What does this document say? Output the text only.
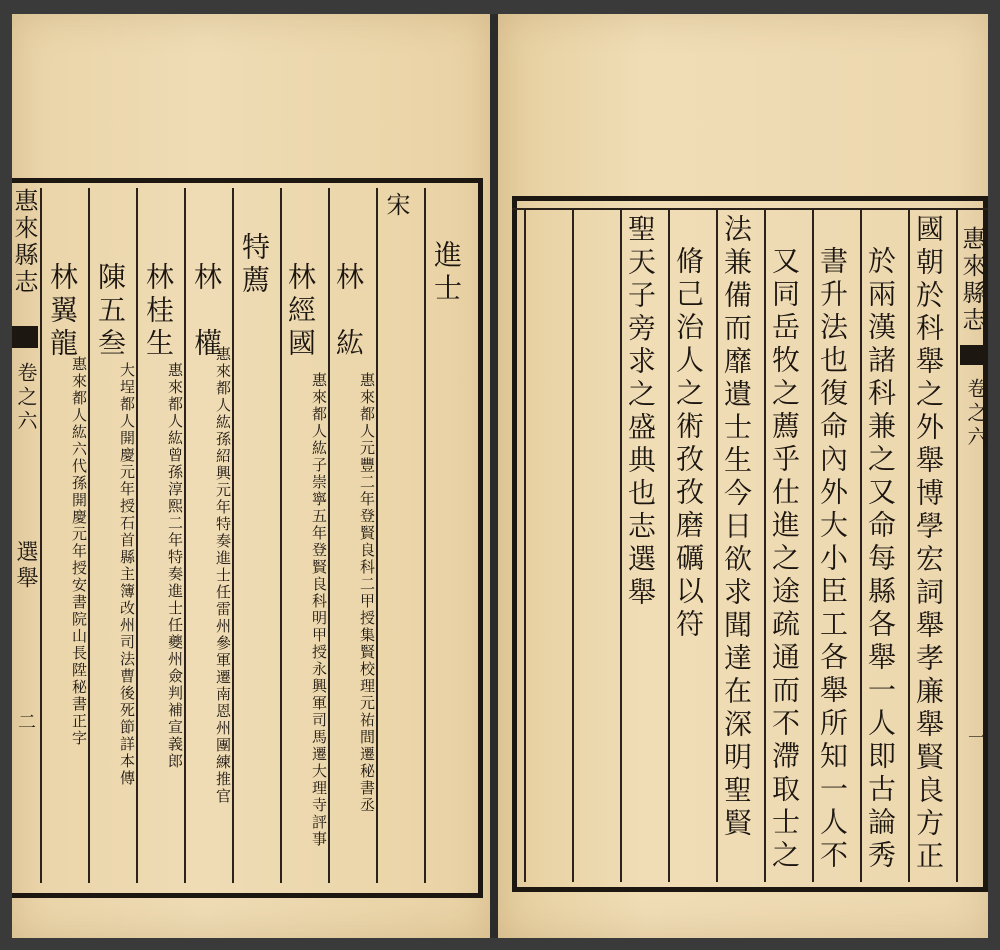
惠來縣志
卷之六
一
國朝於科舉之外舉博學宏詞舉孝廉舉賢良方正
於兩漢諸科兼之又命每縣各舉一人即古論秀
書升法也復命內外大小臣工各舉所知一人不
又同岳牧之薦乎仕進之途疏通而不滯取士之
法兼備而靡遺士生今日欲求聞達在深明聖賢
脩己治人之術孜孜磨礪以符
聖天子旁求之盛典也志選舉
惠來縣志
卷之六
選舉
二
宋
進士
林　紘
惠來都人元豐二年登賢良科二甲授集賢校理元祐間遷秘書丞
林經國
惠來都人紘子崇寧五年登賢良科明甲授永興軍司馬遷大理寺評事
特薦
林　權
惠來都人紘孫紹興元年特奏進士任雷州參軍遷南恩州團練推官
林桂生
惠來都人紘曾孫淳熙二年特奏進士任夔州僉判補宣義郎
陳五叁
大埕都人開慶元年授石首縣主簿改州司法曹後死節詳本傳
林翼龍
惠來都人紘六代孫開慶元年授安書院山長陞秘書正字
